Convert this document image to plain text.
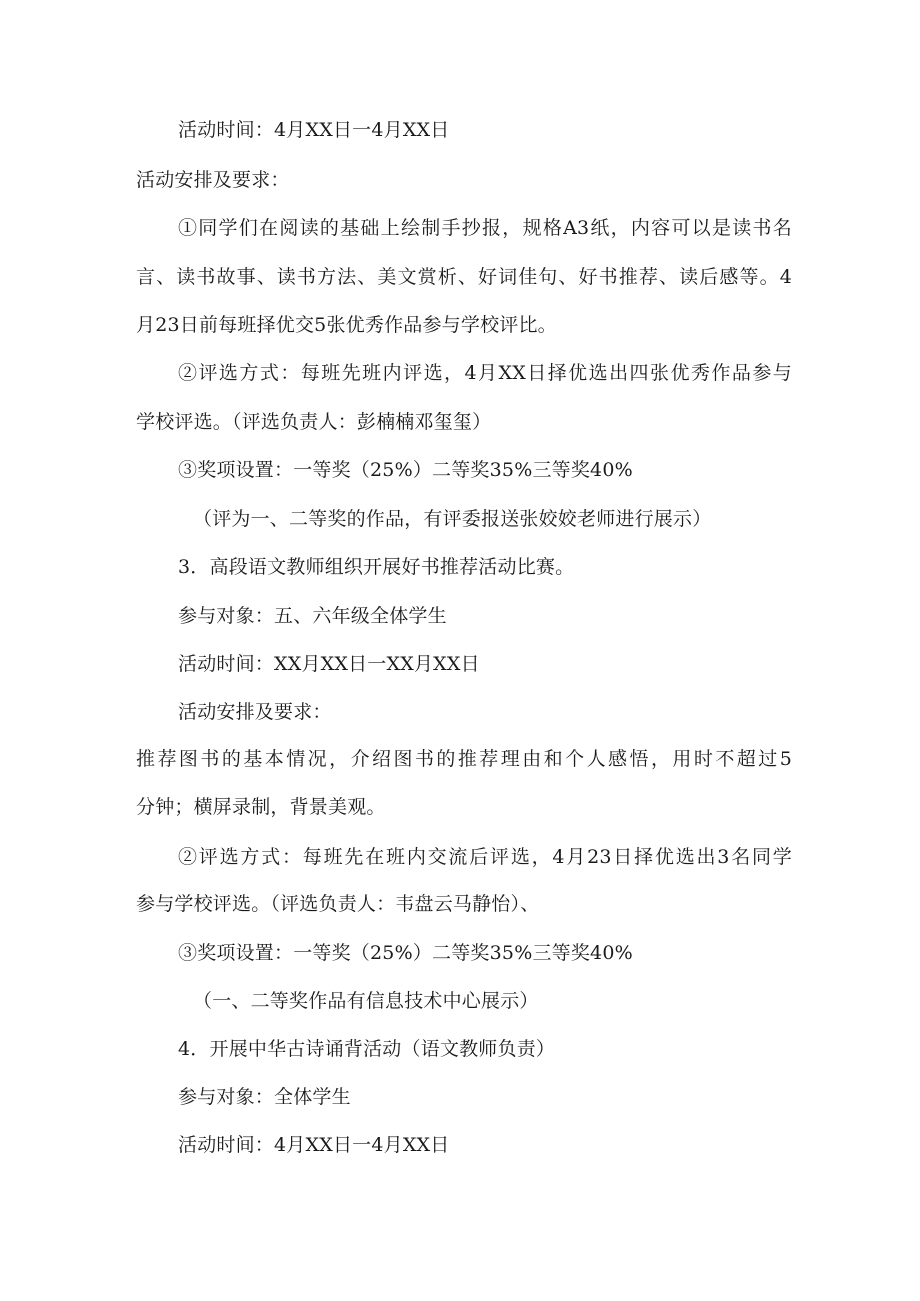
活动时间：4月XX日一4月XX日

活动安排及要求：

①同学们在阅读的基础上绘制手抄报，规格A3纸，内容可以是读书名

言、读书故事、读书方法、美文赏析、好词佳句、好书推荐、读后感等。4

月23日前每班择优交5张优秀作品参与学校评比。

②评选方式：每班先班内评选，4月XX日择优选出四张优秀作品参与

学校评选。（评选负责人：彭楠楠邓玺玺）

③奖项设置：一等奖（25%）二等奖35%三等奖40%

（评为一、二等奖的作品，有评委报送张姣姣老师进行展示）

3．高段语文教师组织开展好书推荐活动比赛。

参与对象：五、六年级全体学生

活动时间：XX月XX日一XX月XX日

活动安排及要求：

推荐图书的基本情况，介绍图书的推荐理由和个人感悟，用时不超过5

分钟；横屏录制，背景美观。

②评选方式：每班先在班内交流后评选，4月23日择优选出3名同学

参与学校评选。（评选负责人：韦盘云马静怡）、

③奖项设置：一等奖（25%）二等奖35%三等奖40%

（一、二等奖作品有信息技术中心展示）

4．开展中华古诗诵背活动（语文教师负责）

参与对象：全体学生

活动时间：4月XX日一4月XX日
